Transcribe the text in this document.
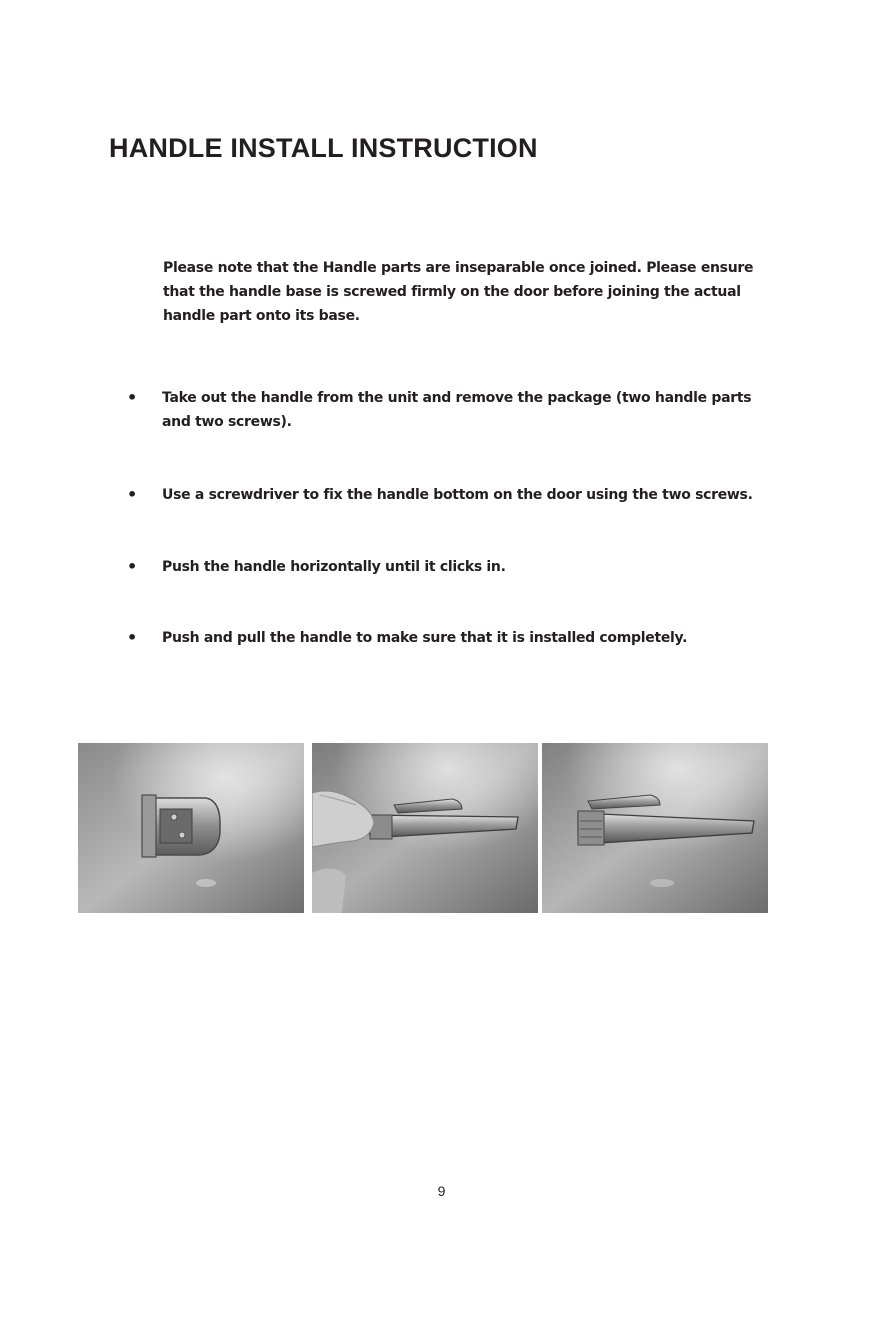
HANDLE INSTALL INSTRUCTION

Please note that the Handle parts are inseparable once joined. Please ensure that the handle base is screwed firmly on the door before joining the actual handle part onto its base.

• Take out the handle from the unit and remove the package (two handle parts and two screws).
• Use a screwdriver to fix the handle bottom on the door using the two screws.
• Push the handle horizontally until it clicks in.
• Push and pull the handle to make sure that it is installed completely.
9
